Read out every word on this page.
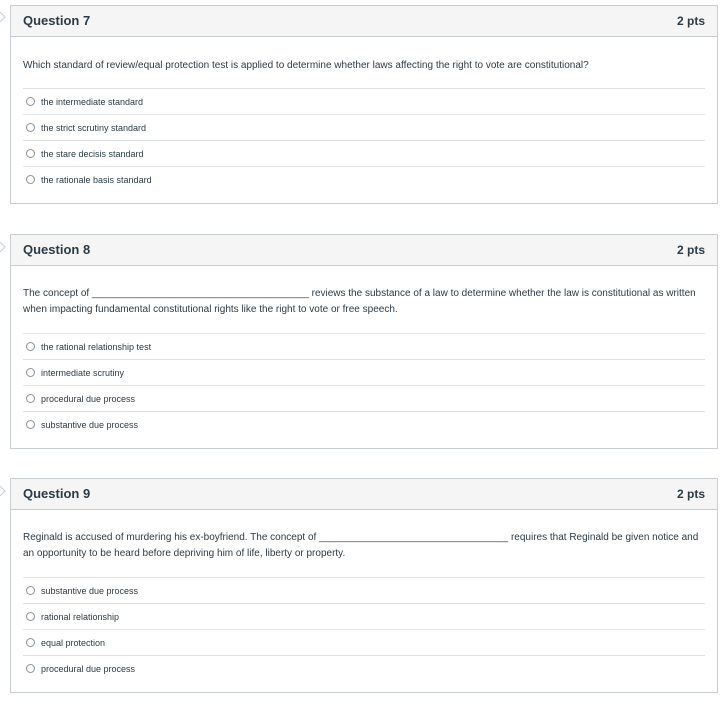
Question 7	2 pts
Which standard of review/equal protection test is applied to determine whether laws affecting the right to vote are constitutional?
the intermediate standard
the strict scrutiny standard
the stare decisis standard
the rationale basis standard
Question 8	2 pts
The concept of _______________________________________ reviews the substance of a law to determine whether the law is constitutional as written
when impacting fundamental constitutional rights like the right to vote or free speech.
the rational relationship test
intermediate scrutiny
procedural due process
substantive due process
Question 9	2 pts
Reginald is accused of murdering his ex-boyfriend. The concept of __________________________________ requires that Reginald be given notice and
an opportunity to be heard before depriving him of life, liberty or property.
substantive due process
rational relationship
equal protection
procedural due process
